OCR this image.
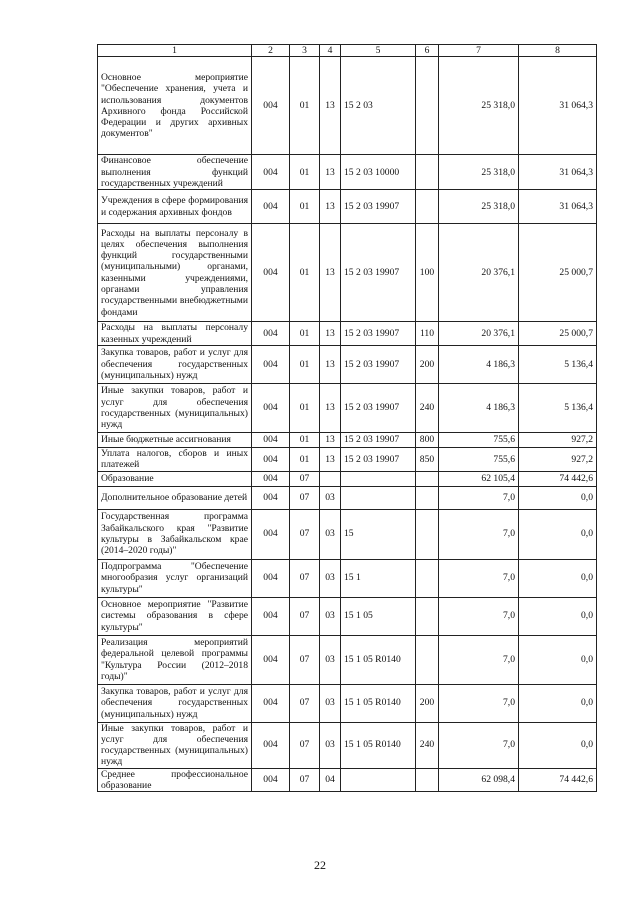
1	2	3	4	5	6	7	8
Основное мероприятие "Обеспечение хранения, учета и использования документов Архивного фонда Российской Федерации и других архивных документов"	004	01	13	15 2 03		25 318,0	31 064,3
Финансовое обеспечение выполнения функций государственных учреждений	004	01	13	15 2 03 10000		25 318,0	31 064,3
Учреждения в сфере формирования и содержания архивных фондов	004	01	13	15 2 03 19907		25 318,0	31 064,3
Расходы на выплаты персоналу в целях обеспечения выполнения функций государственными (муниципальными) органами, казенными учреждениями, органами управления государственными внебюджетными фондами	004	01	13	15 2 03 19907	100	20 376,1	25 000,7
Расходы на выплаты персоналу казенных учреждений	004	01	13	15 2 03 19907	110	20 376,1	25 000,7
Закупка товаров, работ и услуг для обеспечения государственных (муниципальных) нужд	004	01	13	15 2 03 19907	200	4 186,3	5 136,4
Иные закупки товаров, работ и услуг для обеспечения государственных (муниципальных) нужд	004	01	13	15 2 03 19907	240	4 186,3	5 136,4
Иные бюджетные ассигнования	004	01	13	15 2 03 19907	800	755,6	927,2
Уплата налогов, сборов и иных платежей	004	01	13	15 2 03 19907	850	755,6	927,2
Образование	004	07				62 105,4	74 442,6
Дополнительное образование детей	004	07	03			7,0	0,0
Государственная программа Забайкальского края "Развитие культуры в Забайкальском крае (2014–2020 годы)"	004	07	03	15		7,0	0,0
Подпрограмма "Обеспечение многообразия услуг организаций культуры"	004	07	03	15 1		7,0	0,0
Основное мероприятие "Развитие системы образования в сфере культуры"	004	07	03	15 1 05		7,0	0,0
Реализация мероприятий федеральной целевой программы "Культура России (2012–2018 годы)"	004	07	03	15 1 05 R0140		7,0	0,0
Закупка товаров, работ и услуг для обеспечения государственных (муниципальных) нужд	004	07	03	15 1 05 R0140	200	7,0	0,0
Иные закупки товаров, работ и услуг для обеспечения государственных (муниципальных) нужд	004	07	03	15 1 05 R0140	240	7,0	0,0
Среднее профессиональное образование	004	07	04			62 098,4	74 442,6
22
